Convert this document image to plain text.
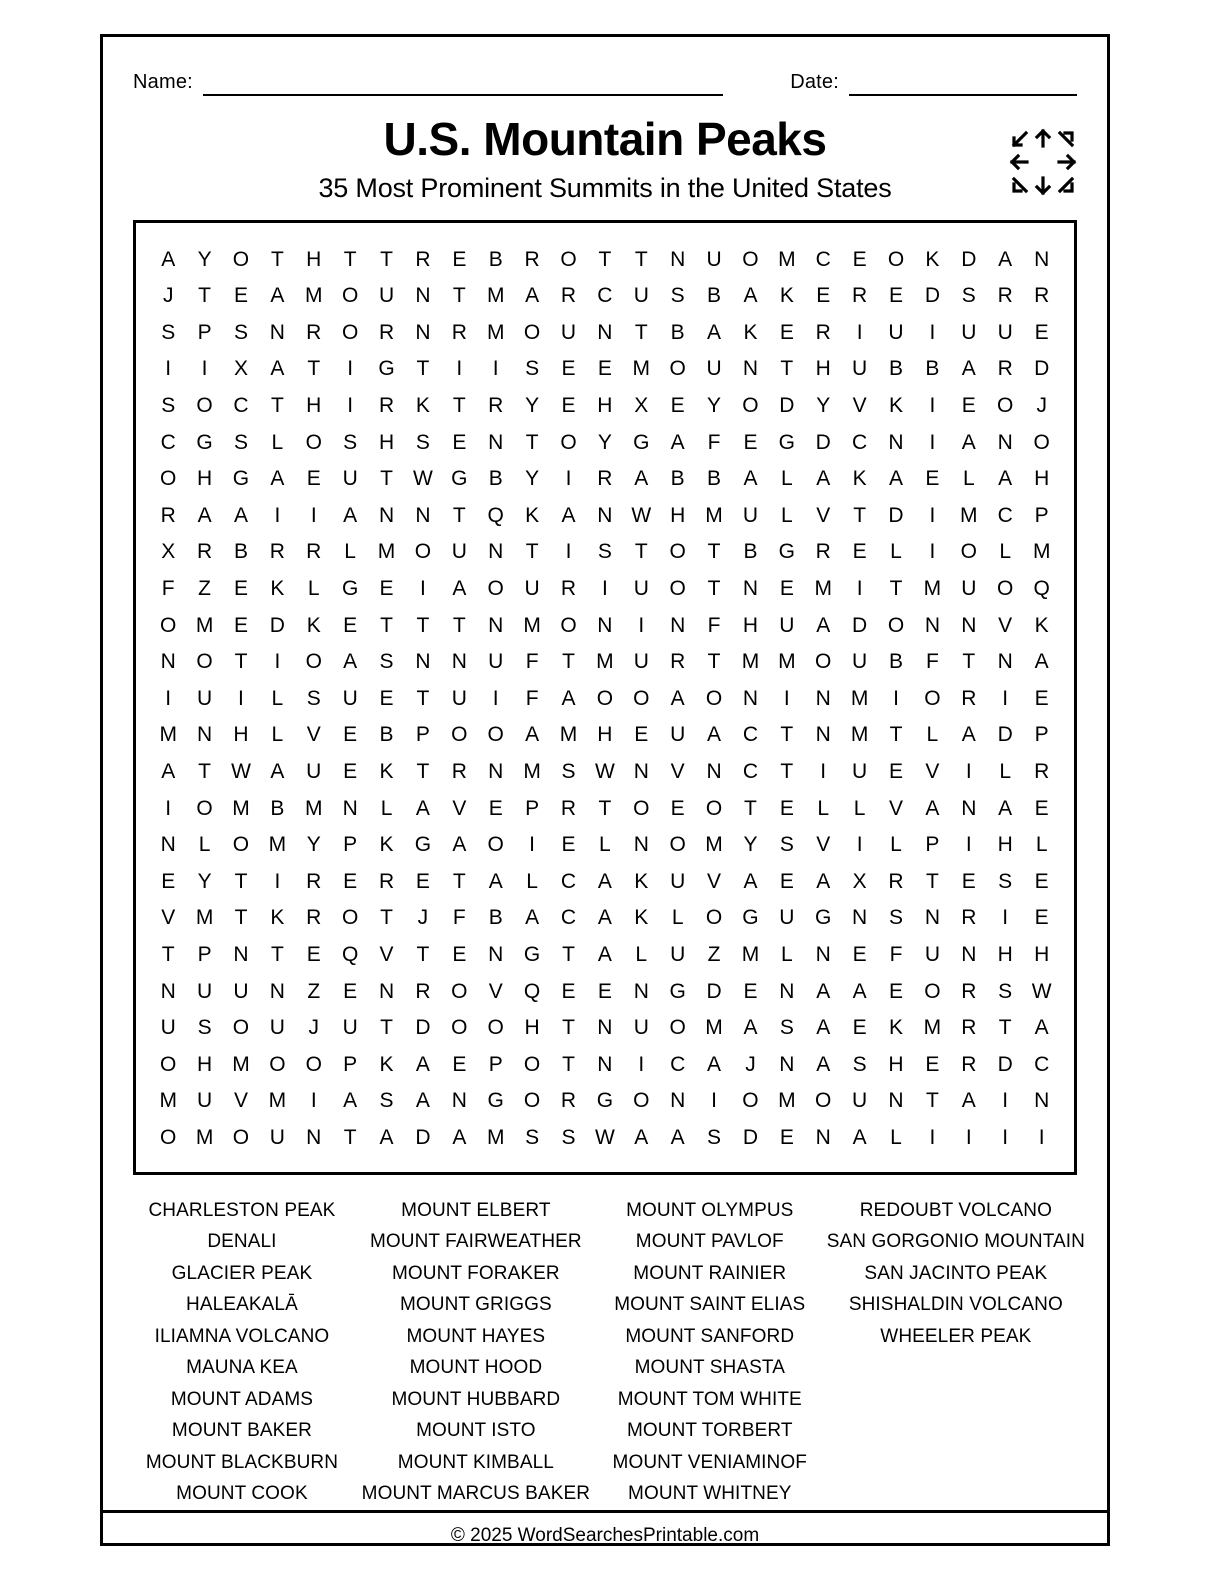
Name:	Date:
U.S. Mountain Peaks
35 Most Prominent Summits in the United States
A	Y	O	T	H	T	T	R	E	B	R	O	T	T	N	U	O	M	C	E	O	K	D	A	N
J	T	E	A	M	O	U	N	T	M	A	R	C	U	S	B	A	K	E	R	E	D	S	R	R
S	P	S	N	R	O	R	N	R	M	O	U	N	T	B	A	K	E	R	I	U	I	U	U	E
I	I	X	A	T	I	G	T	I	I	S	E	E	M	O	U	N	T	H	U	B	B	A	R	D
S	O	C	T	H	I	R	K	T	R	Y	E	H	X	E	Y	O	D	Y	V	K	I	E	O	J
C	G	S	L	O	S	H	S	E	N	T	O	Y	G	A	F	E	G	D	C	N	I	A	N	O
O	H	G	A	E	U	T	W	G	B	Y	I	R	A	B	B	A	L	A	K	A	E	L	A	H
R	A	A	I	I	A	N	N	T	Q	K	A	N	W	H	M	U	L	V	T	D	I	M	C	P
X	R	B	R	R	L	M	O	U	N	T	I	S	T	O	T	B	G	R	E	L	I	O	L	M
F	Z	E	K	L	G	E	I	A	O	U	R	I	U	O	T	N	E	M	I	T	M	U	O	Q
O	M	E	D	K	E	T	T	T	N	M	O	N	I	N	F	H	U	A	D	O	N	N	V	K
N	O	T	I	O	A	S	N	N	U	F	T	M	U	R	T	M	M	O	U	B	F	T	N	A
I	U	I	L	S	U	E	T	U	I	F	A	O	O	A	O	N	I	N	M	I	O	R	I	E
M	N	H	L	V	E	B	P	O	O	A	M	H	E	U	A	C	T	N	M	T	L	A	D	P
A	T	W	A	U	E	K	T	R	N	M	S	W	N	V	N	C	T	I	U	E	V	I	L	R
I	O	M	B	M	N	L	A	V	E	P	R	T	O	E	O	T	E	L	L	V	A	N	A	E
N	L	O	M	Y	P	K	G	A	O	I	E	L	N	O	M	Y	S	V	I	L	P	I	H	L
E	Y	T	I	R	E	R	E	T	A	L	C	A	K	U	V	A	E	A	X	R	T	E	S	E
V	M	T	K	R	O	T	J	F	B	A	C	A	K	L	O	G	U	G	N	S	N	R	I	E
T	P	N	T	E	Q	V	T	E	N	G	T	A	L	U	Z	M	L	N	E	F	U	N	H	H
N	U	U	N	Z	E	N	R	O	V	Q	E	E	N	G	D	E	N	A	A	E	O	R	S	W
U	S	O	U	J	U	T	D	O	O	H	T	N	U	O	M	A	S	A	E	K	M	R	T	A
O	H	M	O	O	P	K	A	E	P	O	T	N	I	C	A	J	N	A	S	H	E	R	D	C
M	U	V	M	I	A	S	A	N	G	O	R	G	O	N	I	O	M	O	U	N	T	A	I	N
O	M	O	U	N	T	A	D	A	M	S	S	W	A	A	S	D	E	N	A	L	I	I	I	I
CHARLESTON PEAK
DENALI
GLACIER PEAK
HALEAKALĀ
ILIAMNA VOLCANO
MAUNA KEA
MOUNT ADAMS
MOUNT BAKER
MOUNT BLACKBURN
MOUNT COOK
MOUNT ELBERT
MOUNT FAIRWEATHER
MOUNT FORAKER
MOUNT GRIGGS
MOUNT HAYES
MOUNT HOOD
MOUNT HUBBARD
MOUNT ISTO
MOUNT KIMBALL
MOUNT MARCUS BAKER
MOUNT OLYMPUS
MOUNT PAVLOF
MOUNT RAINIER
MOUNT SAINT ELIAS
MOUNT SANFORD
MOUNT SHASTA
MOUNT TOM WHITE
MOUNT TORBERT
MOUNT VENIAMINOF
MOUNT WHITNEY
REDOUBT VOLCANO
SAN GORGONIO MOUNTAIN
SAN JACINTO PEAK
SHISHALDIN VOLCANO
WHEELER PEAK
© 2025 WordSearchesPrintable.com
